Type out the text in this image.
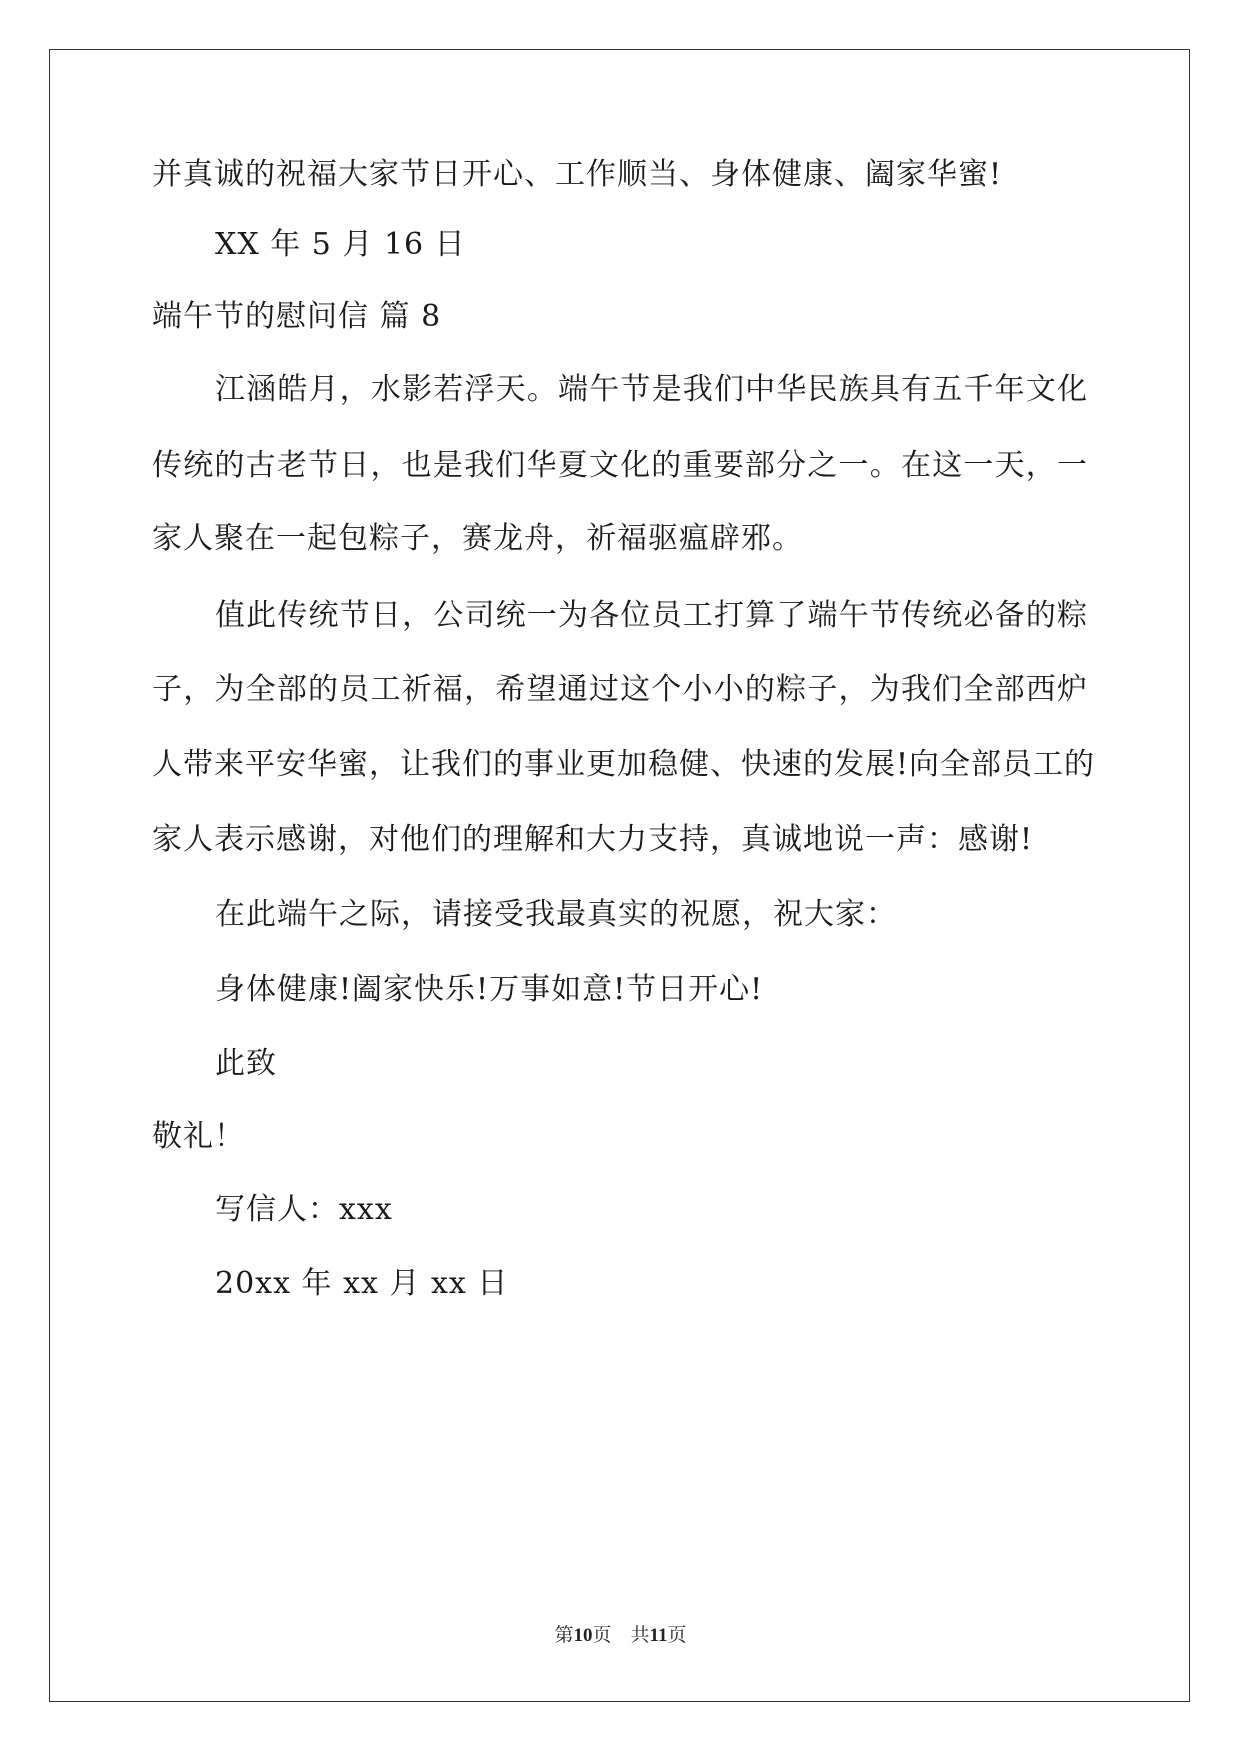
并真诚的祝福大家节日开心、工作顺当、身体健康、阖家华蜜!
XX 年 5 月 16 日
端午节的慰问信 篇 8
江涵皓月，水影若浮天。端午节是我们中华民族具有五千年文化
传统的古老节日，也是我们华夏文化的重要部分之一。在这一天，一
家人聚在一起包粽子，赛龙舟，祈福驱瘟辟邪。
值此传统节日，公司统一为各位员工打算了端午节传统必备的粽
子，为全部的员工祈福，希望通过这个小小的粽子，为我们全部西炉
人带来平安华蜜，让我们的事业更加稳健、快速的发展!向全部员工的
家人表示感谢，对他们的理解和大力支持，真诚地说一声：感谢!
在此端午之际，请接受我最真实的祝愿，祝大家：
身体健康!阖家快乐!万事如意!节日开心!
此致
敬礼！
写信人：xxx
20xx 年 xx 月 xx 日
第10页　共11页
